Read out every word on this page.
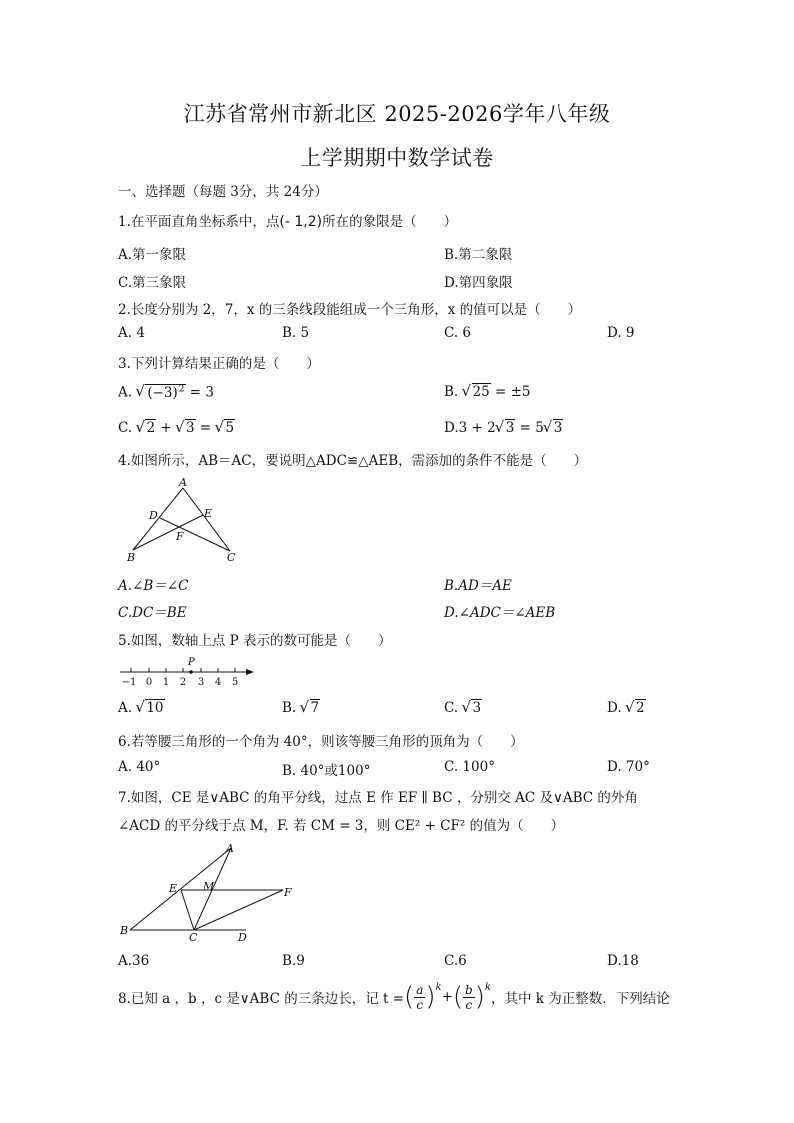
江苏省常州市新北区 2025-2026学年八年级
上学期期中数学试卷
一、选择题（每题 3分，共 24分）
1.在平面直角坐标系中，点(- 1,2)所在的象限是（　　）
A.第一象限	B.第二象限
C.第三象限	D.第四象限
2.长度分别为 2，7，x 的三条线段能组成一个三角形，x 的值可以是（　　）
A. 4	B. 5	C. 6	D. 9
3.下列计算结果正确的是（　　）
A. √ $(-3)^2 = 3$	B. √ 25 = ±5
C. √ 2 + √ 3 = √ 5	D.3 + 2 √ 3 = 5 √ 3
4.如图所示，AB＝AC，要说明△ADC≌△AEB，需添加的条件不能是（　　）
A
D	E
F
B	C
A.∠B＝∠C	B.AD＝AE
C.DC＝BE	D.∠ADC＝∠AEB
5.如图，数轴上点 P 表示的数可能是（　　）
P
−1 0 1 2 3 4 5
A. √ 10	B. √ 7	C. √ 3	D. √ 2
6.若等腰三角形的一个角为 40°，则该等腰三角形的顶角为（　　）
A. 40°	B. 40°或100°	C. 100°	D. 70°
7.如图，CE 是∨ABC 的角平分线，过点 E 作 EF ∥ BC ，分别交 AC 及∨ABC 的外角
∠ACD 的平分线于点 M，F. 若 CM = 3，则 CE² + CF² 的值为（　　）
A
E M	F
B
C	D
A.36	B.9	C.6	D.18
8.已知 a ，b ，c 是∨ABC 的三条边长，记 t = ( $\frac{a}{c} )^k$
+ ( $\frac{b}{c} )^k$
，其中 k 为正整数．下列结论
